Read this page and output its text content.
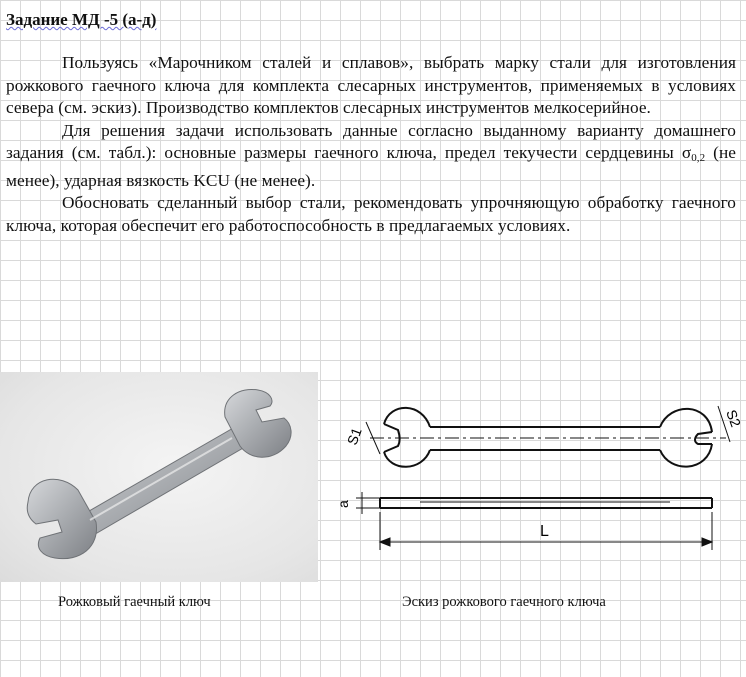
Задание МД -5 (а-д)

Пользуясь «Марочником сталей и сплавов», выбрать марку стали для изготовления рожкового гаечного ключа для комплекта слесарных инструментов, применяемых в условиях севера (см. эскиз). Производство комплектов слесарных инструментов мелкосерийное.

Для решения задачи использовать данные согласно выданному варианту домашнего задания (см. табл.): основные размеры гаечного ключа, предел текучести сердцевины $\sigma_{0,2}$ (не менее), ударная вязкость KCU (не менее).

Обосновать сделанный выбор стали, рекомендовать упрочняющую обработку гаечного ключа, которая обеспечит его работоспособность в предлагаемых условиях.

S1
S2
a
L
Рожковый гаечный ключ	Эскиз рожкового гаечного ключа
